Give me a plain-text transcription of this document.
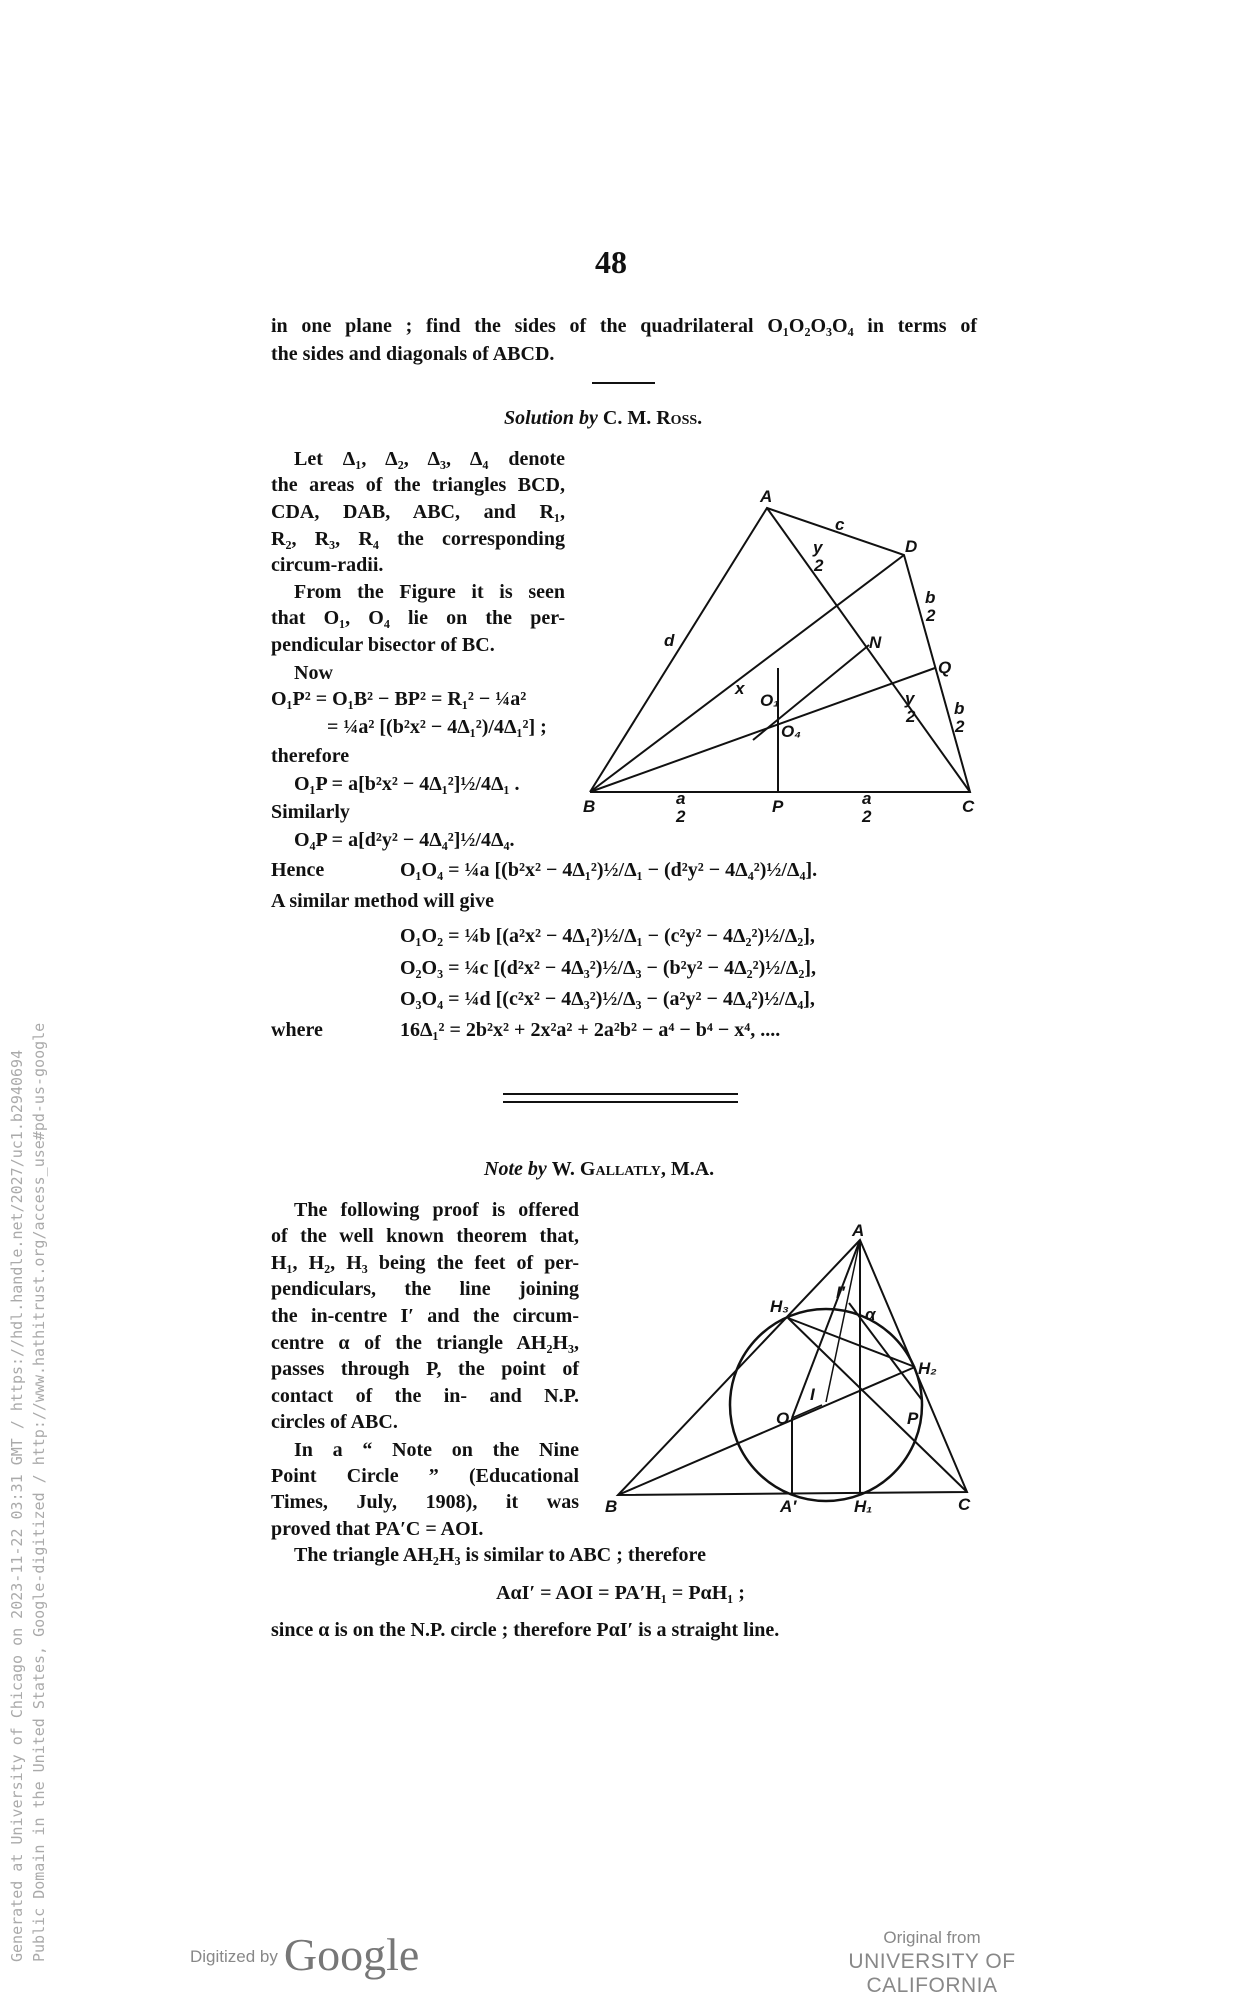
48
in one plane ; find the sides of the quadrilateral O₁O₂O₃O₄ in terms of
the sides and diagonals of ABCD.
Solution by C. M. Ross.
Let Δ₁, Δ₂, Δ₃, Δ₄ denote
the areas of the triangles BCD,
CDA, DAB, ABC, and R₁,
R₂, R₃, R₄ the corresponding
circum-radii.
From the Figure it is seen
that O₁, O₄ lie on the per-
pendicular bisector of BC.
Now
O₁P² = O₁B² − BP² = R₁² − ¼a²
= ¼a² [(b²x² − 4Δ₁²)/4Δ₁²] ;
therefore
O₁P = a[b²x² − 4Δ₁²]½/4Δ₁ .
Similarly
O₄P = a[d²y² − 4Δ₄²]½/4Δ₄.
Hence	O₁O₄ = ¼a [(b²x² − 4Δ₁²)½/Δ₁ − (d²y² − 4Δ₄²)½/Δ₄].
A similar method will give
O₁O₂ = ¼b [(a²x² − 4Δ₁²)½/Δ₁ − (c²y² − 4Δ₂²)½/Δ₂],
O₂O₃ = ¼c [(d²x² − 4Δ₃²)½/Δ₃ − (b²y² − 4Δ₂²)½/Δ₂],
O₃O₄ = ¼d [(c²x² − 4Δ₃²)½/Δ₃ − (a²y² − 4Δ₄²)½/Δ₄],
where	16Δ₁² = 2b²x² + 2x²a² + 2a²b² − a⁴ − b⁴ − x⁴, ....
Note by W. Gallatly, M.A.
The following proof is offered
of the well known theorem that,
H₁, H₂, H₃ being the feet of per-
pendiculars, the line joining
the in-centre I′ and the circum-
centre α of the triangle AH₂H₃,
passes through P, the point of
contact of the in- and N.P.
circles of ABC.
In a “ Note on the Nine
Point Circle ” (Educational
Times, July, 1908), it was
proved that PA′C = AOI.
The triangle AH₂H₃ is similar to ABC ; therefore
AαI′ = AOI = PA′H₁ = PαH₁ ;
since α is on the N.P. circle ; therefore PαI′ is a straight line.
A
D
B	C
P
N
Q
O₁
O₄
c
d
x
y
2
y
2
b
2
b
2
a
2
a
2
A
B	C
H₃
H₂
H₁
A′
O	P
I
I′
α
Generated at University of Chicago on 2023-11-22 03:31 GMT / https://hdl.handle.net/2027/uc1.b2940694 Public Domain in the United States, Google-digitized / http://www.hathitrust.org/access_use#pd-us-google	Digitized by Google	Original from
UNIVERSITY OF CALIFORNIA
